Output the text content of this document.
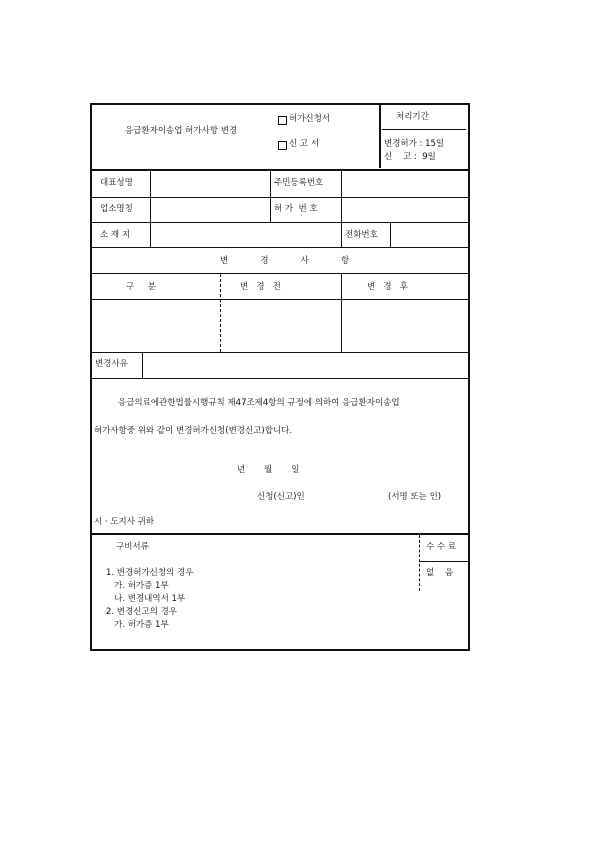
응급환자이송업 허가사항 변경
허가신청서
신 고 서
처리기간
변경허가 : 15일
신    고 :  9일
대표성명	주민등록번호
업소명칭	허 가  번 호
소 재 지	전화번호
변   경   사   항
구     분	변   경   전	변   경   후
변경사유
응급의료에관한법률시행규칙 제47조제4항의 규정에 의하여 응급환자이송업
허가사항중 위와 같이 변경허가신청(변경신고)합니다.
년       월       일
신청(신고)인	(서명 또는 인)
시 · 도지사 귀하
구비서류
1. 변경허가신청의 경우
가. 허가증 1부
나. 변경내역서 1부
2. 변경신고의 경우
가. 허가증 1부
수 수 료
없    음
